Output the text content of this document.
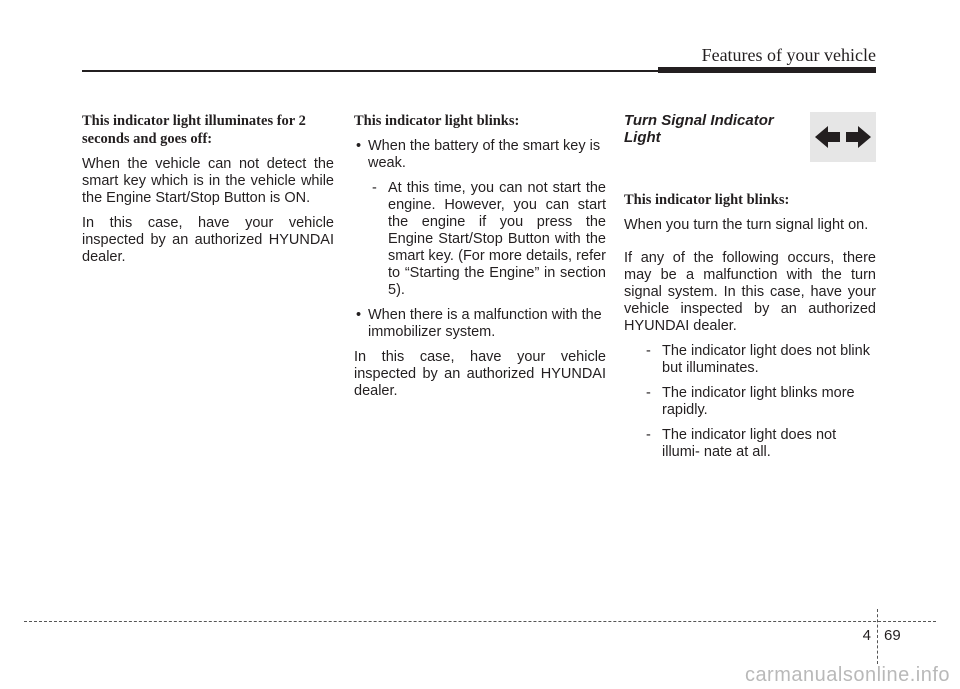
Features of your vehicle

This indicator light illuminates for 2 seconds and goes off:

When the vehicle can not detect the smart key which is in the vehicle while the Engine Start/Stop Button is ON.

In this case, have your vehicle inspected by an authorized HYUNDAI dealer.

This indicator light blinks:

• When the battery of the smart key is weak.
- At this time, you can not start the engine. However, you can start the engine if you press the Engine Start/Stop Button with the smart key. (For more details, refer to “Starting the Engine” in section 5).
• When there is a malfunction with the immobilizer system.

In this case, have your vehicle inspected by an authorized HYUNDAI dealer.

Turn Signal Indicator Light

This indicator light blinks:

When you turn the turn signal light on.

If any of the following occurs, there may be a malfunction with the turn signal system. In this case, have your vehicle inspected by an authorized HYUNDAI dealer.

- The indicator light does not blink but illuminates.
- The indicator light blinks more rapidly.
- The indicator light does not illumi- nate at all.
4 69
carmanualsonline.info
